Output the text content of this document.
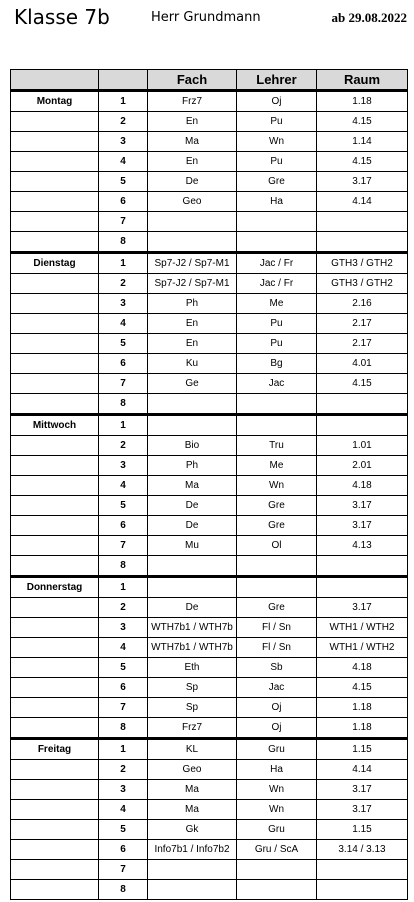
Klasse 7b	Herr Grundmann	ab 29.08.2022
		Fach	Lehrer	Raum
Montag	1	Frz7	Oj	1.18
	2	En	Pu	4.15
	3	Ma	Wn	1.14
	4	En	Pu	4.15
	5	De	Gre	3.17
	6	Geo	Ha	4.14
	7			
	8			
Dienstag	1	Sp7-J2 / Sp7-M1	Jac / Fr	GTH3 / GTH2
	2	Sp7-J2 / Sp7-M1	Jac / Fr	GTH3 / GTH2
	3	Ph	Me	2.16
	4	En	Pu	2.17
	5	En	Pu	2.17
	6	Ku	Bg	4.01
	7	Ge	Jac	4.15
	8			
Mittwoch	1			
	2	Bio	Tru	1.01
	3	Ph	Me	2.01
	4	Ma	Wn	4.18
	5	De	Gre	3.17
	6	De	Gre	3.17
	7	Mu	Ol	4.13
	8			
Donnerstag	1			
	2	De	Gre	3.17
	3	WTH7b1 / WTH7b	Fl / Sn	WTH1 / WTH2
	4	WTH7b1 / WTH7b	Fl / Sn	WTH1 / WTH2
	5	Eth	Sb	4.18
	6	Sp	Jac	4.15
	7	Sp	Oj	1.18
	8	Frz7	Oj	1.18
Freitag	1	KL	Gru	1.15
	2	Geo	Ha	4.14
	3	Ma	Wn	3.17
	4	Ma	Wn	3.17
	5	Gk	Gru	1.15
	6	Info7b1 / Info7b2	Gru / ScA	3.14 / 3.13
	7			
	8			
